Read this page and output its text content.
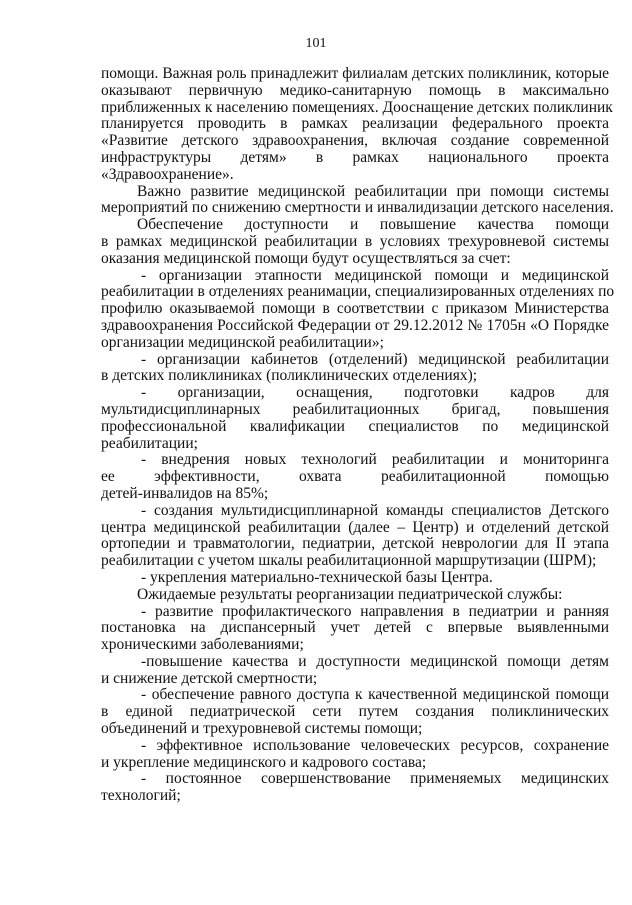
101
помощи. Важная роль принадлежит филиалам детских поликлиник, которые
оказывают первичную медико-санитарную помощь в максимально
приближенных к населению помещениях. Дооснащение детских поликлиник
планируется проводить в рамках реализации федерального проекта
«Развитие детского здравоохранения, включая создание современной
инфраструктуры детям» в рамках национального проекта
«Здравоохранение».
Важно развитие медицинской реабилитации при помощи системы
мероприятий по снижению смертности и инвалидизации детского населения.
Обеспечение доступности и повышение качества помощи
в рамках медицинской реабилитации в условиях трехуровневой системы
оказания медицинской помощи будут осуществляться за счет:
- организации этапности медицинской помощи и медицинской
реабилитации в отделениях реанимации, специализированных отделениях по
профилю оказываемой помощи в соответствии с приказом Министерства
здравоохранения Российской Федерации от 29.12.2012 № 1705н «О Порядке
организации медицинской реабилитации»;
- организации кабинетов (отделений) медицинской реабилитации
в детских поликлиниках (поликлинических отделениях);
- организации, оснащения, подготовки кадров для
мультидисциплинарных реабилитационных бригад, повышения
профессиональной квалификации специалистов по медицинской
реабилитации;
- внедрения новых технологий реабилитации и мониторинга
ее эффективности, охвата реабилитационной помощью
детей-инвалидов на 85%;
- создания мультидисциплинарной команды специалистов Детского
центра медицинской реабилитации (далее – Центр) и отделений детской
ортопедии и травматологии, педиатрии, детской неврологии для II этапа
реабилитации с учетом шкалы реабилитационной маршрутизации (ШРМ);
- укрепления материально-технической базы Центра.
Ожидаемые результаты реорганизации педиатрической службы:
- развитие профилактического направления в педиатрии и ранняя
постановка на диспансерный учет детей с впервые выявленными
хроническими заболеваниями;
-повышение качества и доступности медицинской помощи детям
и снижение детской смертности;
- обеспечение равного доступа к качественной медицинской помощи
в единой педиатрической сети путем создания поликлинических
объединений и трехуровневой системы помощи;
- эффективное использование человеческих ресурсов, сохранение
и укрепление медицинского и кадрового состава;
- постоянное совершенствование применяемых медицинских
технологий;
